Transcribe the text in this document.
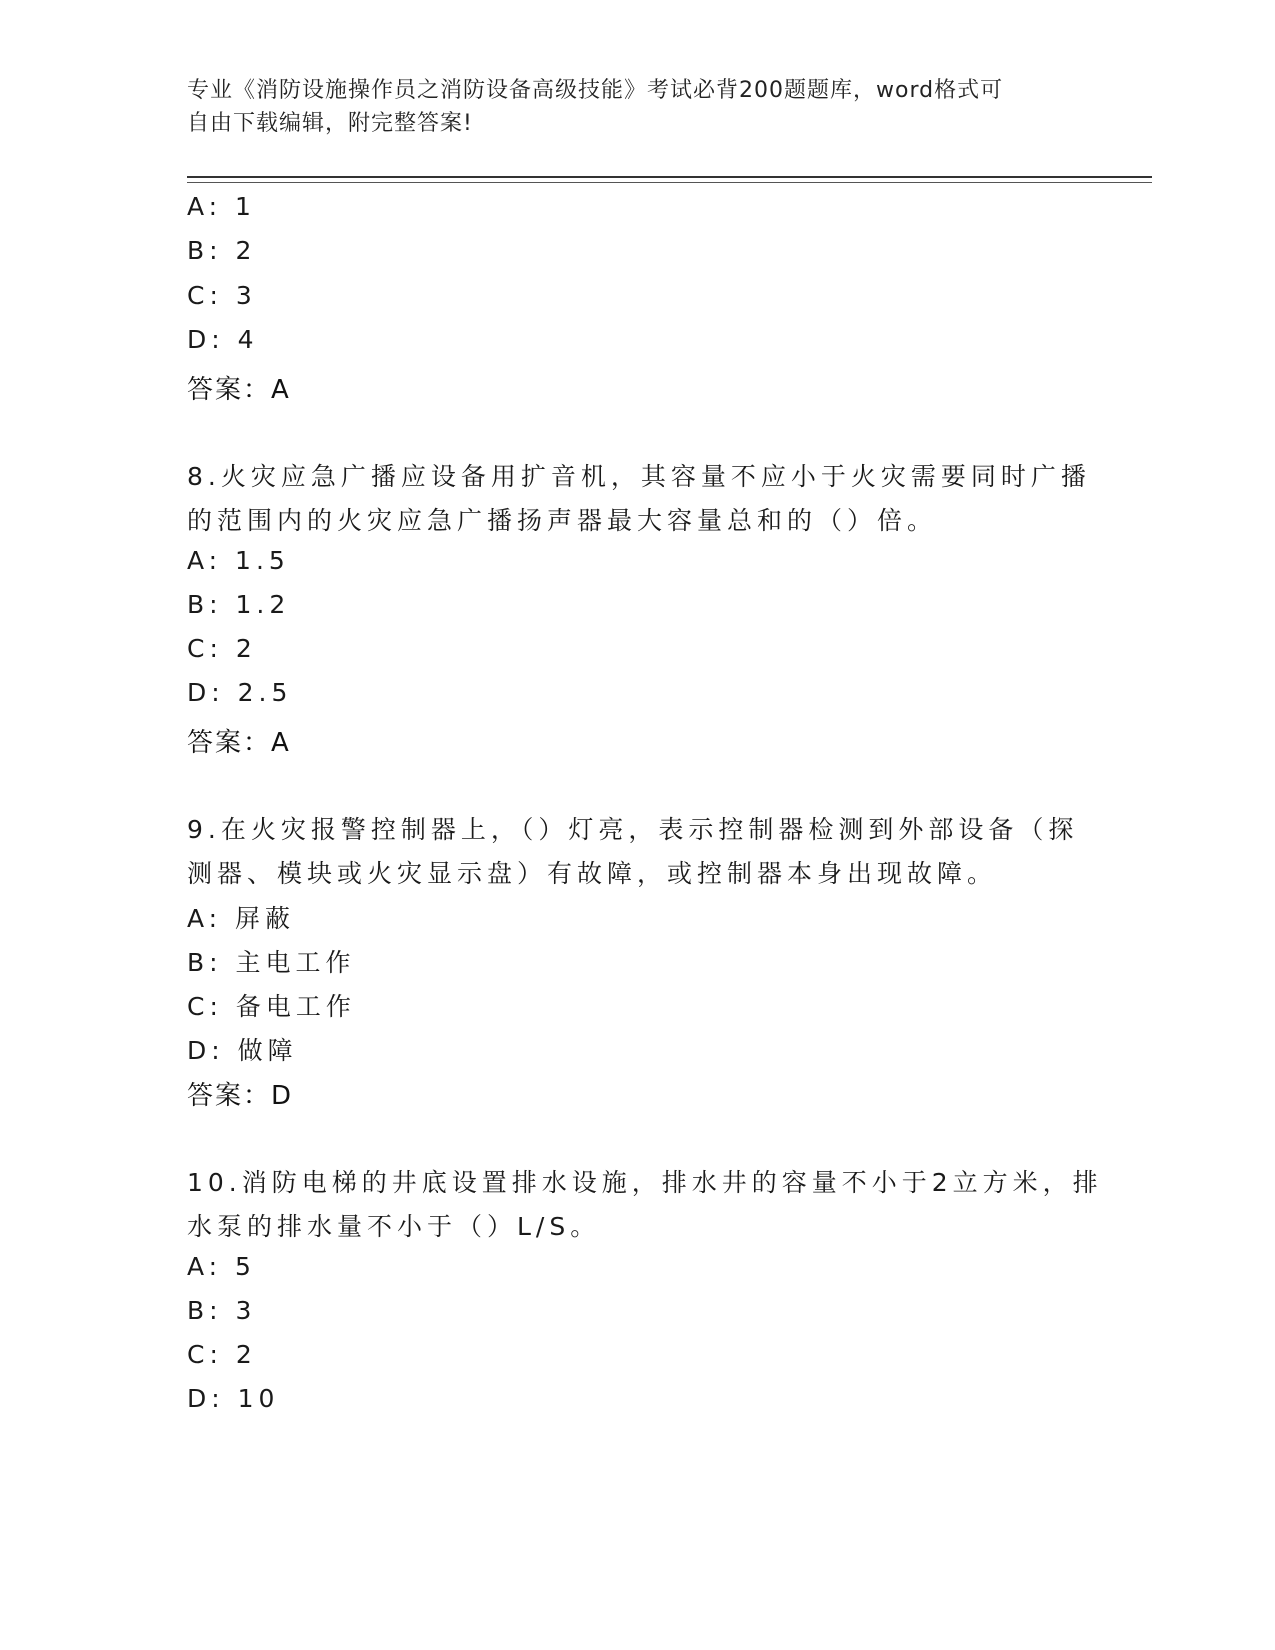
专业《消防设施操作员之消防设备高级技能》考试必背200题题库，word格式可
自由下载编辑，附完整答案!
A: 1
B: 2
C: 3
D: 4
答案：A
8.火灾应急广播应设备用扩音机，其容量不应小于火灾需要同时广播
的范围内的火灾应急广播扬声器最大容量总和的（）倍。
A: 1.5
B: 1.2
C: 2
D: 2.5
答案：A
9.在火灾报警控制器上，（）灯亮，表示控制器检测到外部设备（探
测器、模块或火灾显示盘）有故障，或控制器本身出现故障。
A: 屏蔽
B: 主电工作
C: 备电工作
D: 做障
答案：D
10.消防电梯的井底设置排水设施，排水井的容量不小于2立方米，排
水泵的排水量不小于（）L/S。
A: 5
B: 3
C: 2
D: 10
